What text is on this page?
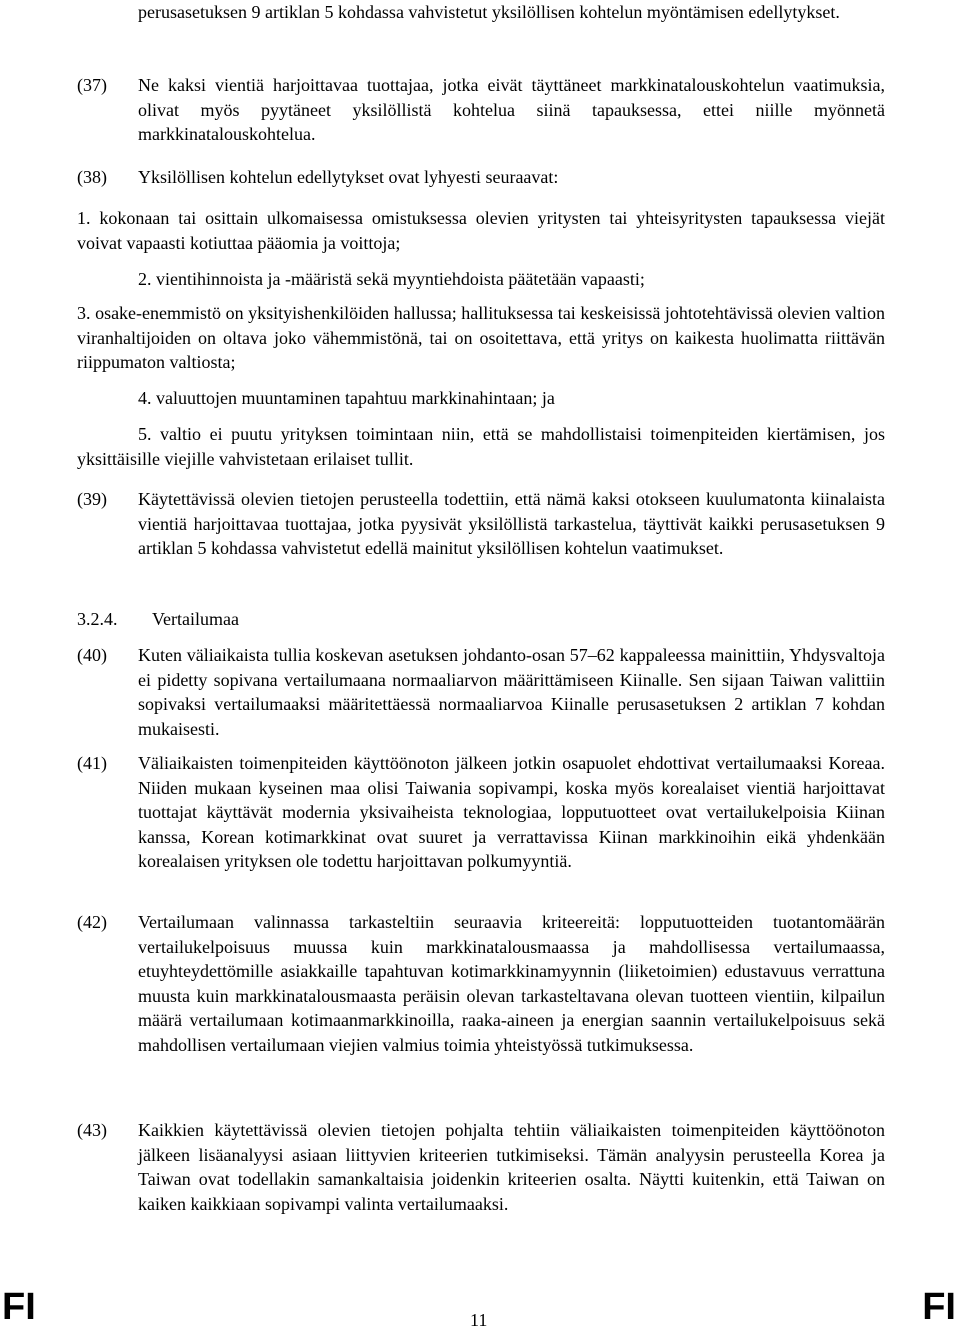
perusasetuksen 9 artiklan 5 kohdassa vahvistetut yksilöllisen kohtelun myöntämisen edellytykset.

(37) Ne kaksi vientiä harjoittavaa tuottajaa, jotka eivät täyttäneet markkinatalouskohtelun vaatimuksia, olivat myös pyytäneet yksilöllistä kohtelua siinä tapauksessa, ettei niille myönnetä markkinatalouskohtelua.

(38) Yksilöllisen kohtelun edellytykset ovat lyhyesti seuraavat:

1. kokonaan tai osittain ulkomaisessa omistuksessa olevien yritysten tai yhteisyritysten tapauksessa viejät voivat vapaasti kotiuttaa pääomia ja voittoja;

2. vientihinnoista ja -määristä sekä myyntiehdoista päätetään vapaasti;

3. osake-enemmistö on yksityishenkilöiden hallussa; hallituksessa tai keskeisissä johtotehtävissä olevien valtion viranhaltijoiden on oltava joko vähemmistönä, tai on osoitettava, että yritys on kaikesta huolimatta riittävän riippumaton valtiosta;

4. valuuttojen muuntaminen tapahtuu markkinahintaan; ja

5. valtio ei puutu yrityksen toimintaan niin, että se mahdollistaisi toimenpiteiden kiertämisen, jos yksittäisille viejille vahvistetaan erilaiset tullit.

(39) Käytettävissä olevien tietojen perusteella todettiin, että nämä kaksi otokseen kuulumatonta kiinalaista vientiä harjoittavaa tuottajaa, jotka pyysivät yksilöllistä tarkastelua, täyttivät kaikki perusasetuksen 9 artiklan 5 kohdassa vahvistetut edellä mainitut yksilöllisen kohtelun vaatimukset.

3.2.4. Vertailumaa
(40) Kuten väliaikaista tullia koskevan asetuksen johdanto-osan 57–62 kappaleessa mainittiin, Yhdysvaltoja ei pidetty sopivana vertailumaana normaaliarvon määrittämiseen Kiinalle. Sen sijaan Taiwan valittiin sopivaksi vertailumaaksi määritettäessä normaaliarvoa Kiinalle perusasetuksen 2 artiklan 7 kohdan mukaisesti.

(41) Väliaikaisten toimenpiteiden käyttöönoton jälkeen jotkin osapuolet ehdottivat vertailumaaksi Koreaa. Niiden mukaan kyseinen maa olisi Taiwania sopivampi, koska myös korealaiset vientiä harjoittavat tuottajat käyttävät modernia yksivaiheista teknologiaa, lopputuotteet ovat vertailukelpoisia Kiinan kanssa, Korean kotimarkkinat ovat suuret ja verrattavissa Kiinan markkinoihin eikä yhdenkään korealaisen yrityksen ole todettu harjoittavan polkumyyntiä.

(42) Vertailumaan valinnassa tarkasteltiin seuraavia kriteereitä: lopputuotteiden tuotantomäärän vertailukelpoisuus muussa kuin markkinatalousmaassa ja mahdollisessa vertailumaassa, etuyhteydettömille asiakkaille tapahtuvan kotimarkkinamyynnin (liiketoimien) edustavuus verrattuna muusta kuin markkinatalousmaasta peräisin olevan tarkasteltavana olevan tuotteen vientiin, kilpailun määrä vertailumaan kotimaanmarkkinoilla, raaka-aineen ja energian saannin vertailukelpoisuus sekä mahdollisen vertailumaan viejien valmius toimia yhteistyössä tutkimuksessa.

(43) Kaikkien käytettävissä olevien tietojen pohjalta tehtiin väliaikaisten toimenpiteiden käyttöönoton jälkeen lisäanalyysi asiaan liittyvien kriteerien tutkimiseksi. Tämän analyysin perusteella Korea ja Taiwan ovat todellakin samankaltaisia joidenkin kriteerien osalta. Näytti kuitenkin, että Taiwan on kaiken kaikkiaan sopivampi valinta vertailumaaksi.

FI	11	FI
